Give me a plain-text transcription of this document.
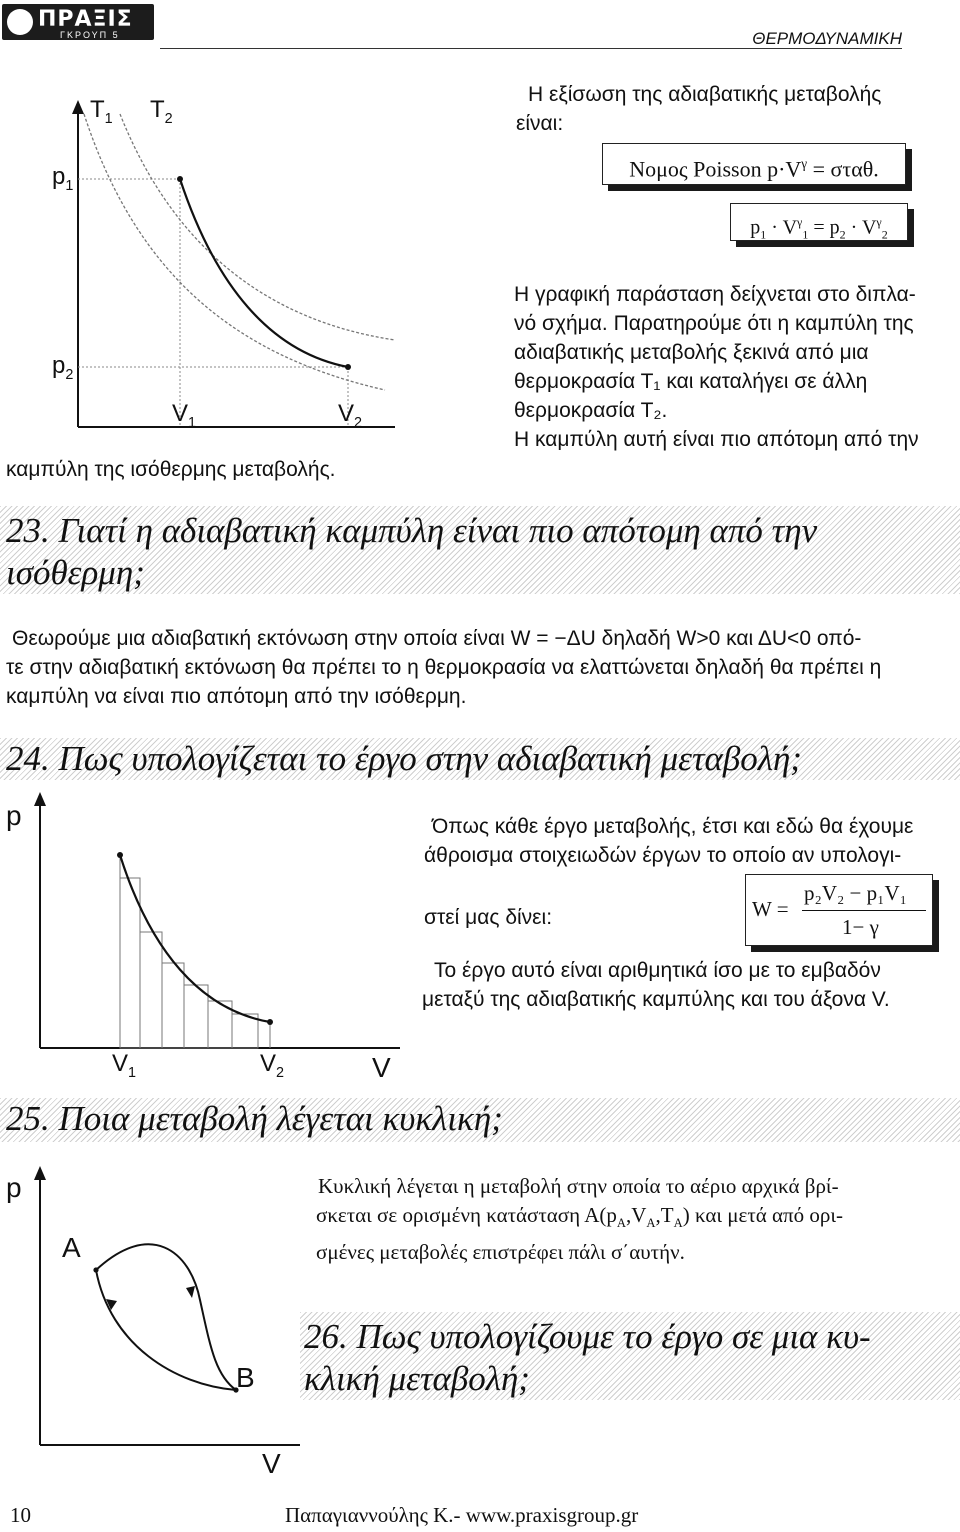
ΠΡΑΞΙΣ
ΓΚΡΟΥΠ 5	ΘΕΡΜΟΔΥΝΑΜΙΚΗ
$T_1$ $T_2$
$p_1$
$p_2$
$V_1$	$V_2$
καμπύλη της ισόθερμης μεταβολής.
Η εξίσωση της αδιαβατικής μεταβολής είναι:
Νομος Poisson $p\cdot V^\gamma = \sigma\tau\alpha\theta$.
$p_1 \cdot V^\gamma_1 = p_2 \cdot V^\gamma_2$
Η γραφική παράσταση δείχνεται στο διπλα-
νό σχήμα. Παρατηρούμε ότι η καμπύλη της
αδιαβατικής μεταβολής ξεκινά από μια
θερμοκρασία Τ₁ και καταλήγει σε άλλη
θερμοκρασία Τ₂.
Η καμπύλη αυτή είναι πιο απότομη από την
23. Γιατί η αδιαβατική καμπύλη είναι πιο απότομη από την
ισόθερμη;
Θεωρούμε μια αδιαβατική εκτόνωση στην οποία είναι W = −ΔU δηλαδή W>0 και ΔU<0 οπό-
τε στην αδιαβατική εκτόνωση θα πρέπει το η θερμοκρασία να ελαττώνεται δηλαδή θα πρέπει η
καμπύλη να είναι πιο απότομη από την ισόθερμη.
24. Πως υπολογίζεται το έργο στην αδιαβατική μεταβολή;
p
$V_1$	$V_2$	V
Όπως κάθε έργο μεταβολής, έτσι και εδώ θα έχουμε
άθροισμα στοιχειωδών έργων το οποίο αν υπολογι-
στεί μας δίνει:	W =
p₂V₂ − p₁V₁
1− γ
Το έργο αυτό είναι αριθμητικά ίσο με το εμβαδόν
μεταξύ της αδιαβατικής καμπύλης και του άξονα V.
25. Ποια μεταβολή λέγεται κυκλική;
p
A
B
V
Κυκλική λέγεται η μεταβολή στην οποία το αέριο αρχικά βρί-
σκεται σε ορισμένη κατάσταση $A(p_A,V_A,T_A)$ και μετά από ορι-
σμένες μεταβολές επιστρέφει πάλι σ΄αυτήν.
26. Πως υπολογίζουμε το έργο σε μια κυ-
κλική μεταβολή;
10	Παπαγιαννούλης Κ.- www.praxisgroup.gr
